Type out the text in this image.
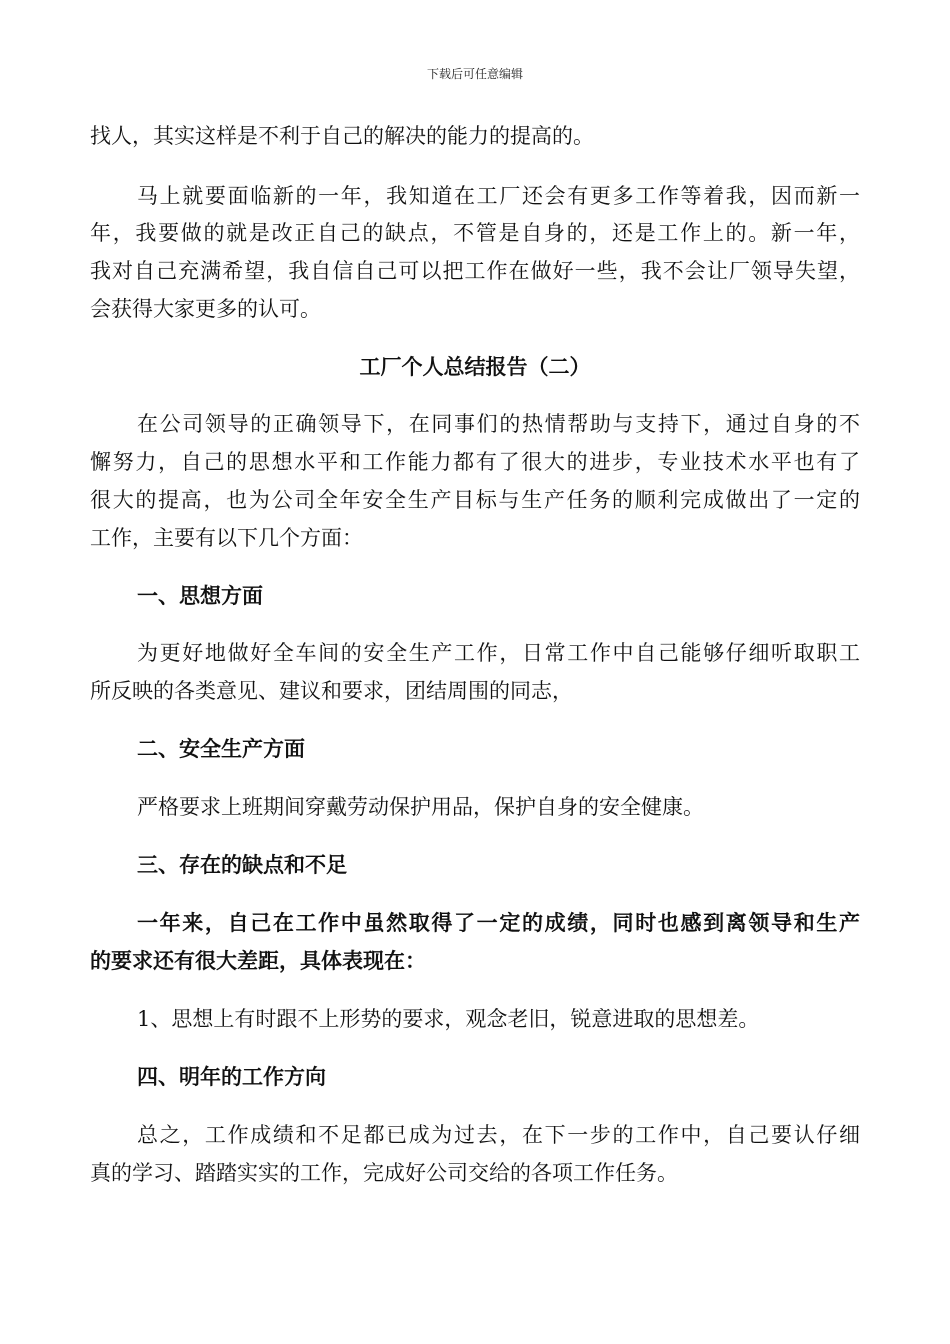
下载后可任意编辑
找人，其实这样是不利于自己的解决的能力的提高的。
马上就要面临新的一年，我知道在工厂还会有更多工作等着我，因而新一
年，我要做的就是改正自己的缺点，不管是自身的，还是工作上的。新一年，
我对自己充满希望，我自信自己可以把工作在做好一些，我不会让厂领导失望，
会获得大家更多的认可。
工厂个人总结报告（二）
在公司领导的正确领导下，在同事们的热情帮助与支持下，通过自身的不
懈努力，自己的思想水平和工作能力都有了很大的进步，专业技术水平也有了
很大的提高，也为公司全年安全生产目标与生产任务的顺利完成做出了一定的
工作，主要有以下几个方面：
一、思想方面
为更好地做好全车间的安全生产工作，日常工作中自己能够仔细听取职工
所反映的各类意见、建议和要求，团结周围的同志，
二、安全生产方面
严格要求上班期间穿戴劳动保护用品，保护自身的安全健康。
三、存在的缺点和不足
一年来，自己在工作中虽然取得了一定的成绩，同时也感到离领导和生产
的要求还有很大差距，具体表现在：
1、思想上有时跟不上形势的要求，观念老旧，锐意进取的思想差。
四、明年的工作方向
总之，工作成绩和不足都已成为过去，在下一步的工作中，自己要认仔细
真的学习、踏踏实实的工作，完成好公司交给的各项工作任务。
